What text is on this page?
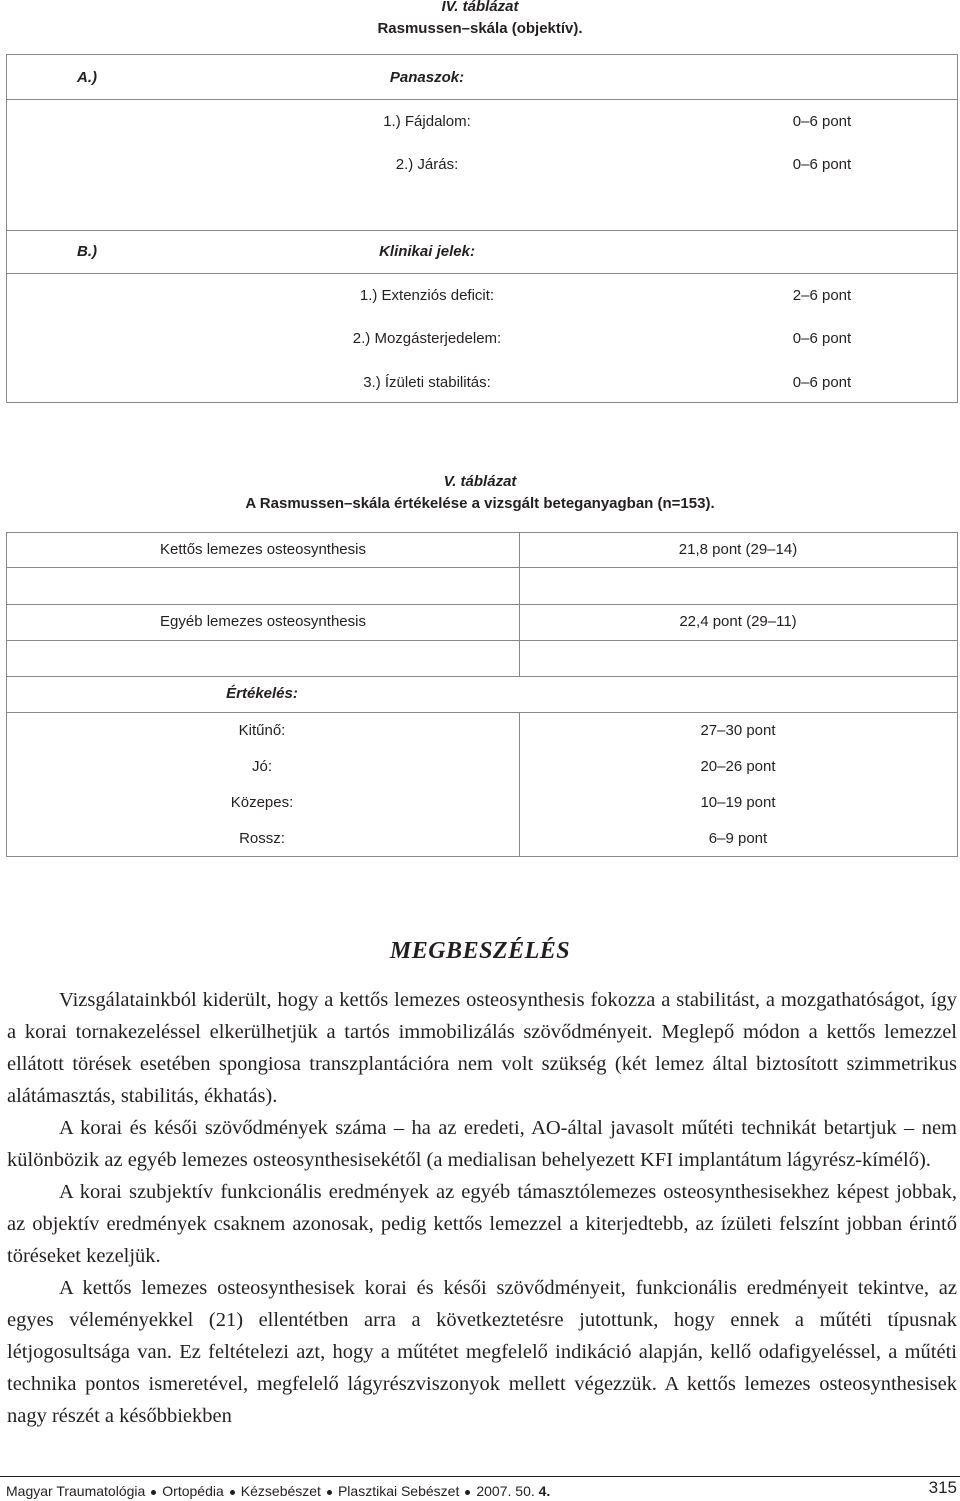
IV. táblázat
Rasmussen–skála (objektív).
A.)	Panaszok:
1.) Fájdalom:	0–6 pont
2.) Járás:	0–6 pont
B.)	Klinikai jelek:
1.) Extenziós deficit:	2–6 pont
2.) Mozgásterjedelem:	0–6 pont
3.) Ízületi stabilitás:	0–6 pont
V. táblázat
A Rasmussen–skála értékelése a vizsgált beteganyagban (n=153).
Kettős lemezes osteosynthesis	21,8 pont (29–14)
Egyéb lemezes osteosynthesis	22,4 pont (29–11)
Értékelés:
Kitűnő:	27–30 pont
Jó:	20–26 pont
Közepes:	10–19 pont
Rossz:	6–9 pont
MEGBESZÉLÉS

Vizsgálatainkból kiderült, hogy a kettős lemezes osteosynthesis fokozza a stabilitást, a mozgathatóságot, így a korai tornakezeléssel elkerülhetjük a tartós immobilizálás szövődményeit. Meglepő módon a kettős lemezzel ellátott törések esetében spongiosa transzplantációra nem volt szükség (két lemez által biztosított szimmetrikus alátámasztás, stabilitás, ékhatás).

A korai és késői szövődmények száma – ha az eredeti, AO-által javasolt műtéti technikát betartjuk – nem különbözik az egyéb lemezes osteosynthesisekétől (a medialisan behelyezett KFI implantátum lágyrész-kímélő).

A korai szubjektív funkcionális eredmények az egyéb támasztólemezes osteosynthesisekhez képest jobbak, az objektív eredmények csaknem azonosak, pedig kettős lemezzel a kiterjedtebb, az ízületi felszínt jobban érintő töréseket kezeljük.

A kettős lemezes osteosynthesisek korai és késői szövődményeit, funkcionális eredményeit tekintve, az egyes véleményekkel (21) ellentétben arra a következtetésre jutottunk, hogy ennek a műtéti típusnak létjogosultsága van. Ez feltételezi azt, hogy a műtétet megfelelő indikáció alapján, kellő odafigyeléssel, a műtéti technika pontos ismeretével, megfelelő lágyrészviszonyok mellett végezzük. A kettős lemezes osteosynthesisek nagy részét a későbbiekben

Magyar Traumatológia Ortopédia Kézsebészet Plasztikai Sebészet 2007. 50. 4.	315
